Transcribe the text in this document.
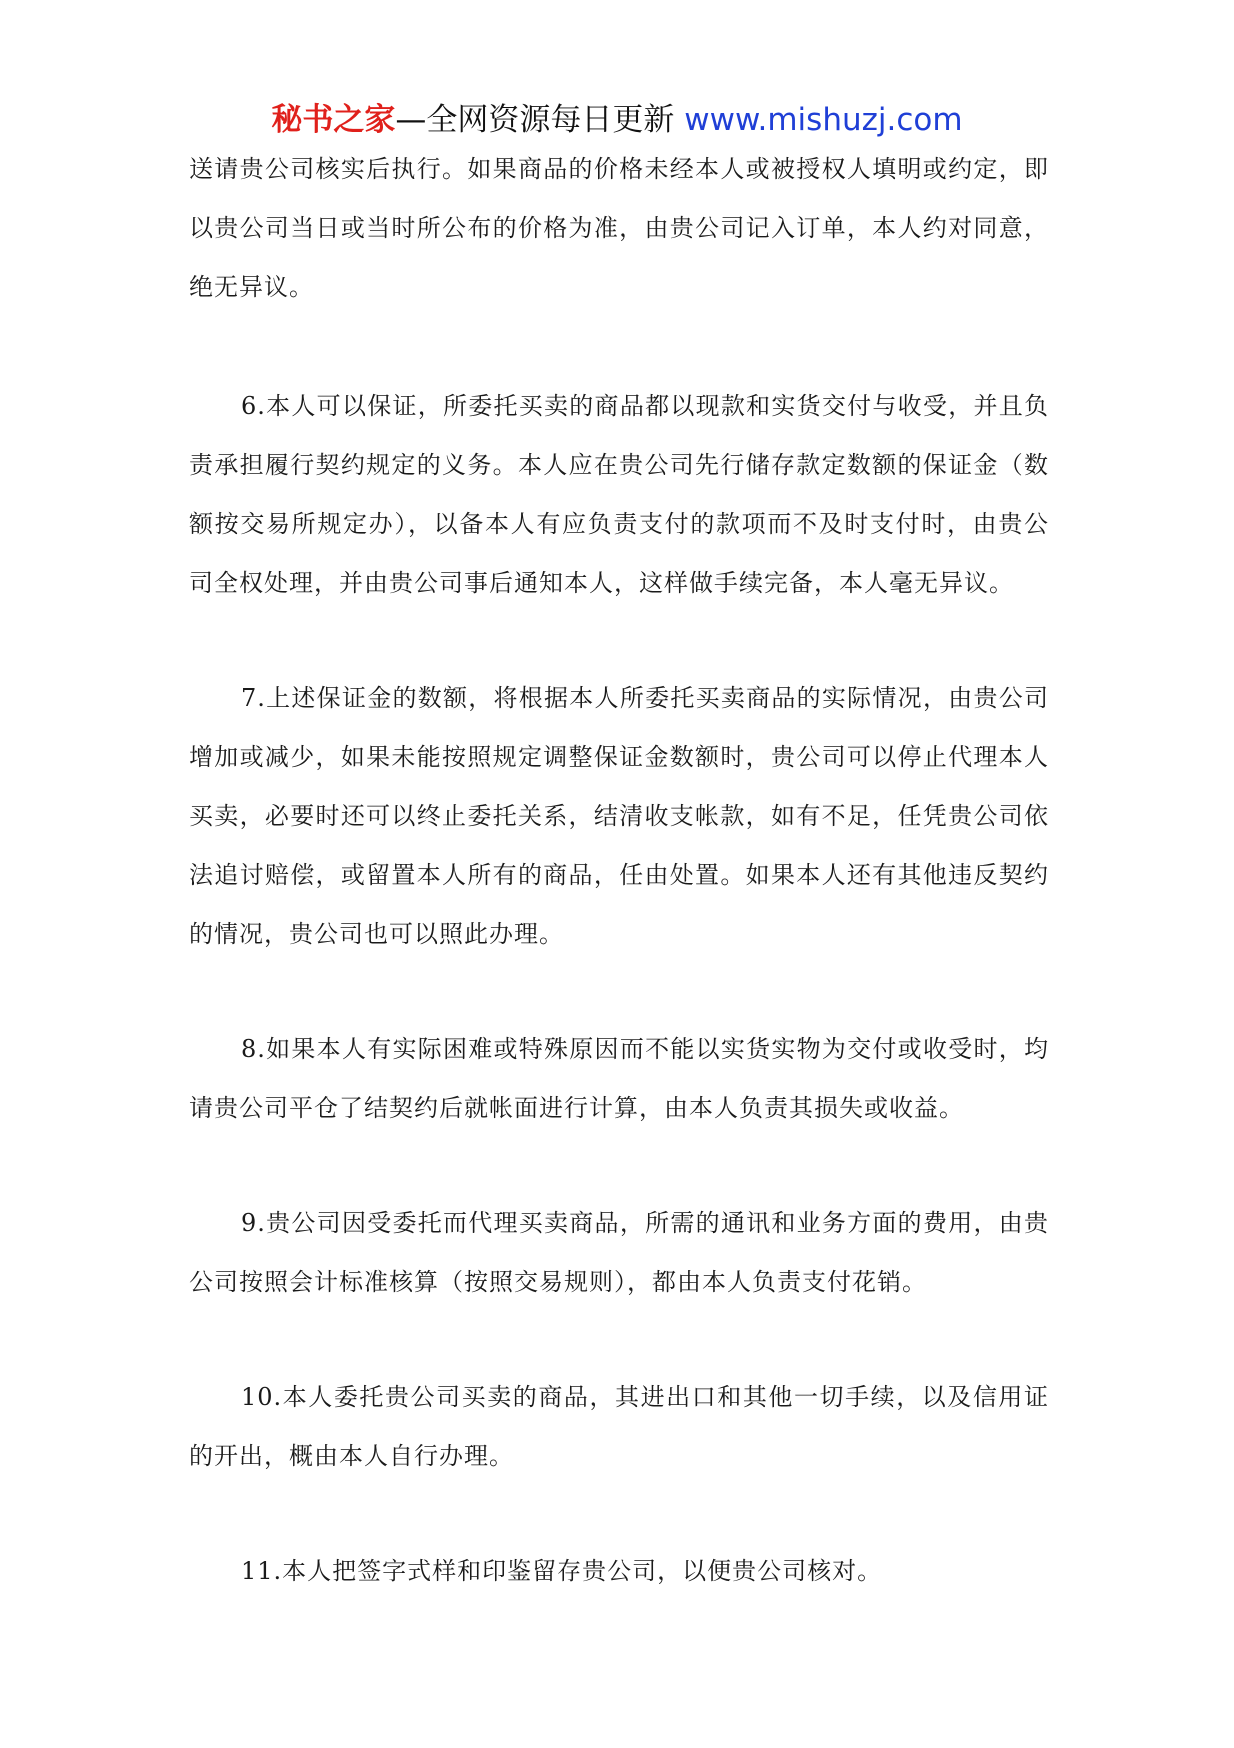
秘书之家—全网资源每日更新 www.mishuzj.com

送请贵公司核实后执行。如果商品的价格未经本人或被授权人填明或约定，即以贵公司当日或当时所公布的价格为准，由贵公司记入订单，本人约对同意，绝无异议。

6.本人可以保证，所委托买卖的商品都以现款和实货交付与收受，并且负责承担履行契约规定的义务。本人应在贵公司先行储存款定数额的保证金（数额按交易所规定办），以备本人有应负责支付的款项而不及时支付时，由贵公司全权处理，并由贵公司事后通知本人，这样做手续完备，本人毫无异议。

7.上述保证金的数额，将根据本人所委托买卖商品的实际情况，由贵公司增加或减少，如果未能按照规定调整保证金数额时，贵公司可以停止代理本人买卖，必要时还可以终止委托关系，结清收支帐款，如有不足，任凭贵公司依法追讨赔偿，或留置本人所有的商品，任由处置。如果本人还有其他违反契约的情况，贵公司也可以照此办理。

8.如果本人有实际困难或特殊原因而不能以实货实物为交付或收受时，均请贵公司平仓了结契约后就帐面进行计算，由本人负责其损失或收益。

9.贵公司因受委托而代理买卖商品，所需的通讯和业务方面的费用，由贵公司按照会计标准核算（按照交易规则），都由本人负责支付花销。

10.本人委托贵公司买卖的商品，其进出口和其他一切手续，以及信用证的开出，概由本人自行办理。

11.本人把签字式样和印鉴留存贵公司，以便贵公司核对。
